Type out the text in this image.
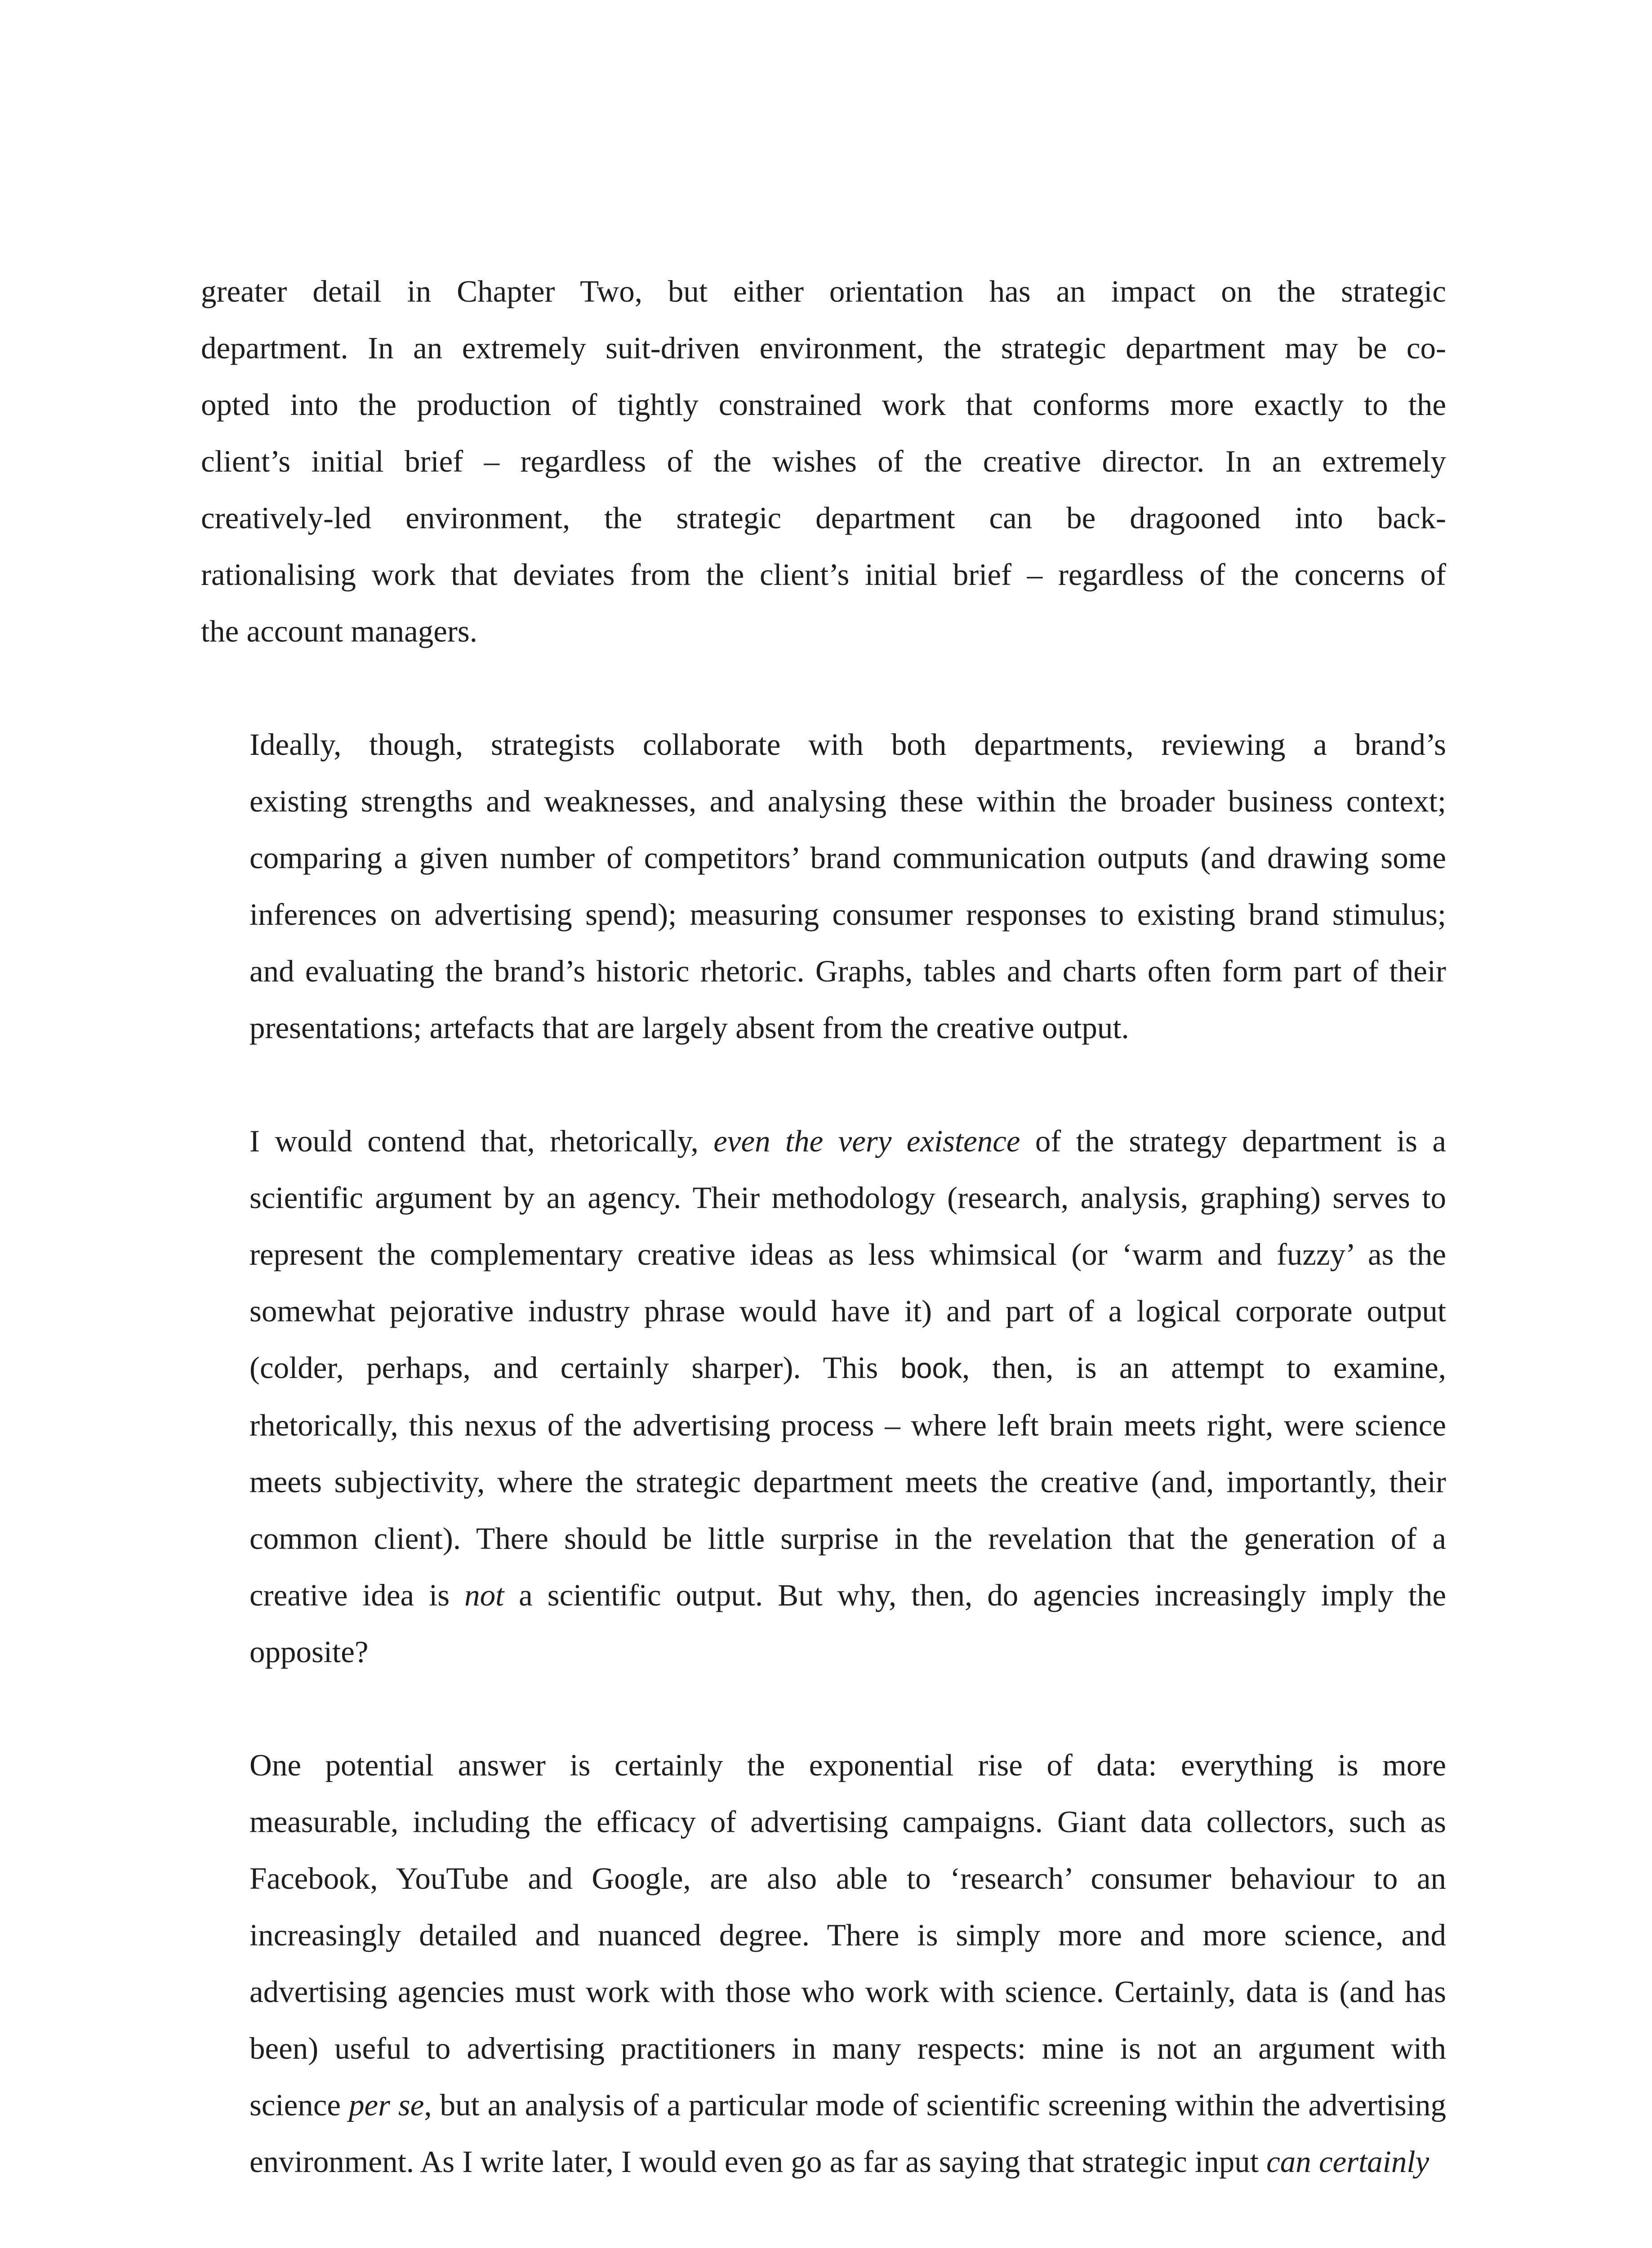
greater detail in Chapter Two, but either orientation has an impact on the strategic
department. In an extremely suit-driven environment, the strategic department may be co-
opted into the production of tightly constrained work that conforms more exactly to the
client’s initial brief – regardless of the wishes of the creative director. In an extremely
creatively-led environment, the strategic department can be dragooned into back-
rationalising work that deviates from the client’s initial brief – regardless of the concerns of
the account managers.

Ideally, though, strategists collaborate with both departments, reviewing a brand’s
existing strengths and weaknesses, and analysing these within the broader business context;
comparing a given number of competitors’ brand communication outputs (and drawing some
inferences on advertising spend); measuring consumer responses to existing brand stimulus;
and evaluating the brand’s historic rhetoric. Graphs, tables and charts often form part of their
presentations; artefacts that are largely absent from the creative output.

I would contend that, rhetorically, even the very existence of the strategy department is a
scientific argument by an agency. Their methodology (research, analysis, graphing) serves to
represent the complementary creative ideas as less whimsical (or ‘warm and fuzzy’ as the
somewhat pejorative industry phrase would have it) and part of a logical corporate output
(colder, perhaps, and certainly sharper). This book, then, is an attempt to examine,
rhetorically, this nexus of the advertising process – where left brain meets right, were science
meets subjectivity, where the strategic department meets the creative (and, importantly, their
common client). There should be little surprise in the revelation that the generation of a
creative idea is not a scientific output. But why, then, do agencies increasingly imply the
opposite?

One potential answer is certainly the exponential rise of data: everything is more
measurable, including the efficacy of advertising campaigns. Giant data collectors, such as
Facebook, YouTube and Google, are also able to ‘research’ consumer behaviour to an
increasingly detailed and nuanced degree. There is simply more and more science, and
advertising agencies must work with those who work with science. Certainly, data is (and has
been) useful to advertising practitioners in many respects: mine is not an argument with
science per se, but an analysis of a particular mode of scientific screening within the advertising
environment. As I write later, I would even go as far as saying that strategic input can certainly
